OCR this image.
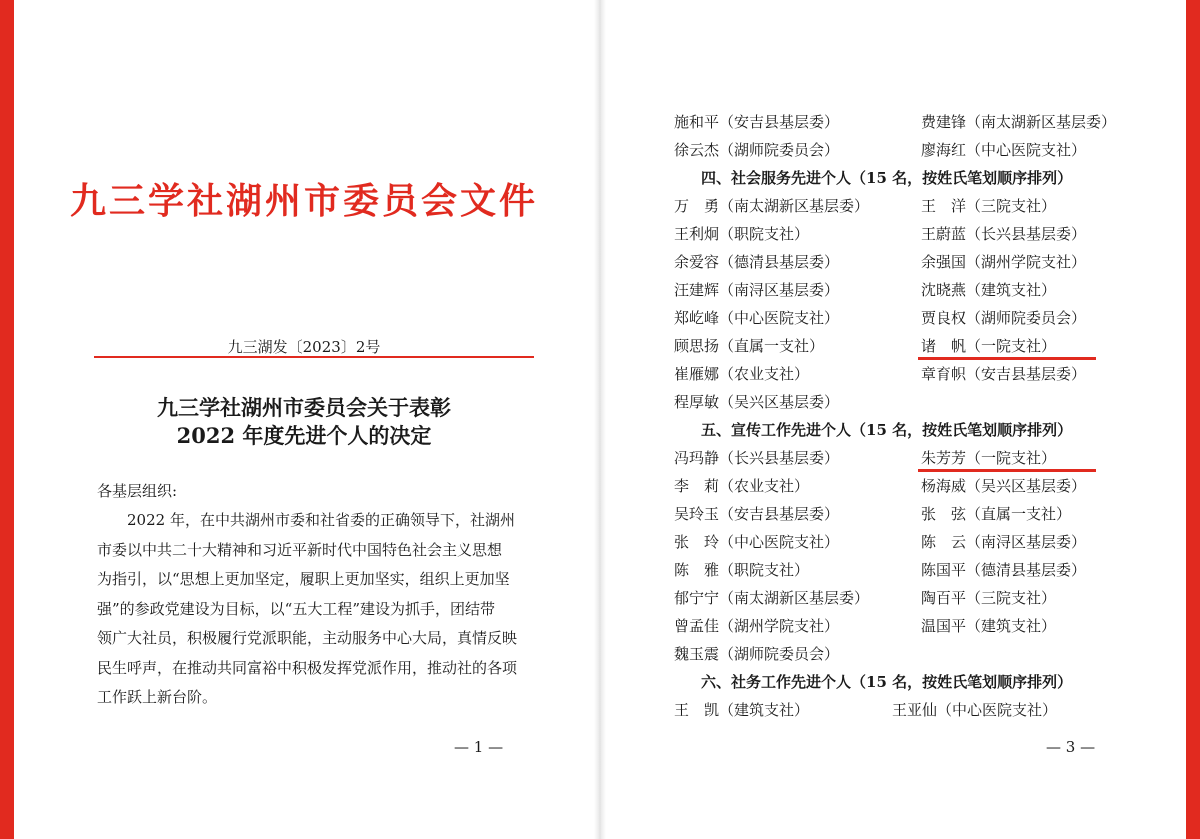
九三学社湖州市委员会文件
九三湖发〔2023〕2号
九三学社湖州市委员会关于表彰
2022 年度先进个人的决定
各基层组织:
　　2022 年，在中共湖州市委和社省委的正确领导下，社湖州
市委以中共二十大精神和习近平新时代中国特色社会主义思想
为指引，以“思想上更加坚定，履职上更加坚实，组织上更加坚
强”的参政党建设为目标，以“五大工程”建设为抓手，团结带
领广大社员，积极履行党派职能，主动服务中心大局，真情反映
民生呼声，在推动共同富裕中积极发挥党派作用，推动社的各项
工作跃上新台阶。
— 1 —
施和平（安吉县基层委）	费建锋（南太湖新区基层委）
徐云杰（湖师院委员会）	廖海红（中心医院支社）
四、社会服务先进个人（15 名，按姓氏笔划顺序排列）
万　勇（南太湖新区基层委）	王　洋（三院支社）
王利炯（职院支社）	王蔚蓝（长兴县基层委）
余爱容（德清县基层委）	余强国（湖州学院支社）
汪建辉（南浔区基层委）	沈晓燕（建筑支社）
郑屹峰（中心医院支社）	贾良权（湖师院委员会）
顾思扬（直属一支社）	诸　帆（一院支社）
崔雁娜（农业支社）	章育帜（安吉县基层委）
程厚敏（吴兴区基层委）
五、宣传工作先进个人（15 名，按姓氏笔划顺序排列）
冯玛静（长兴县基层委）	朱芳芳（一院支社）
李　莉（农业支社）	杨海威（吴兴区基层委）
吴玲玉（安吉县基层委）	张　弦（直属一支社）
张　玲（中心医院支社）	陈　云（南浔区基层委）
陈　雅（职院支社）	陈国平（德清县基层委）
郁宁宁（南太湖新区基层委）	陶百平（三院支社）
曾孟佳（湖州学院支社）	温国平（建筑支社）
魏玉震（湖师院委员会）
六、社务工作先进个人（15 名，按姓氏笔划顺序排列）
王　凯（建筑支社）	王亚仙（中心医院支社）
— 3 —
